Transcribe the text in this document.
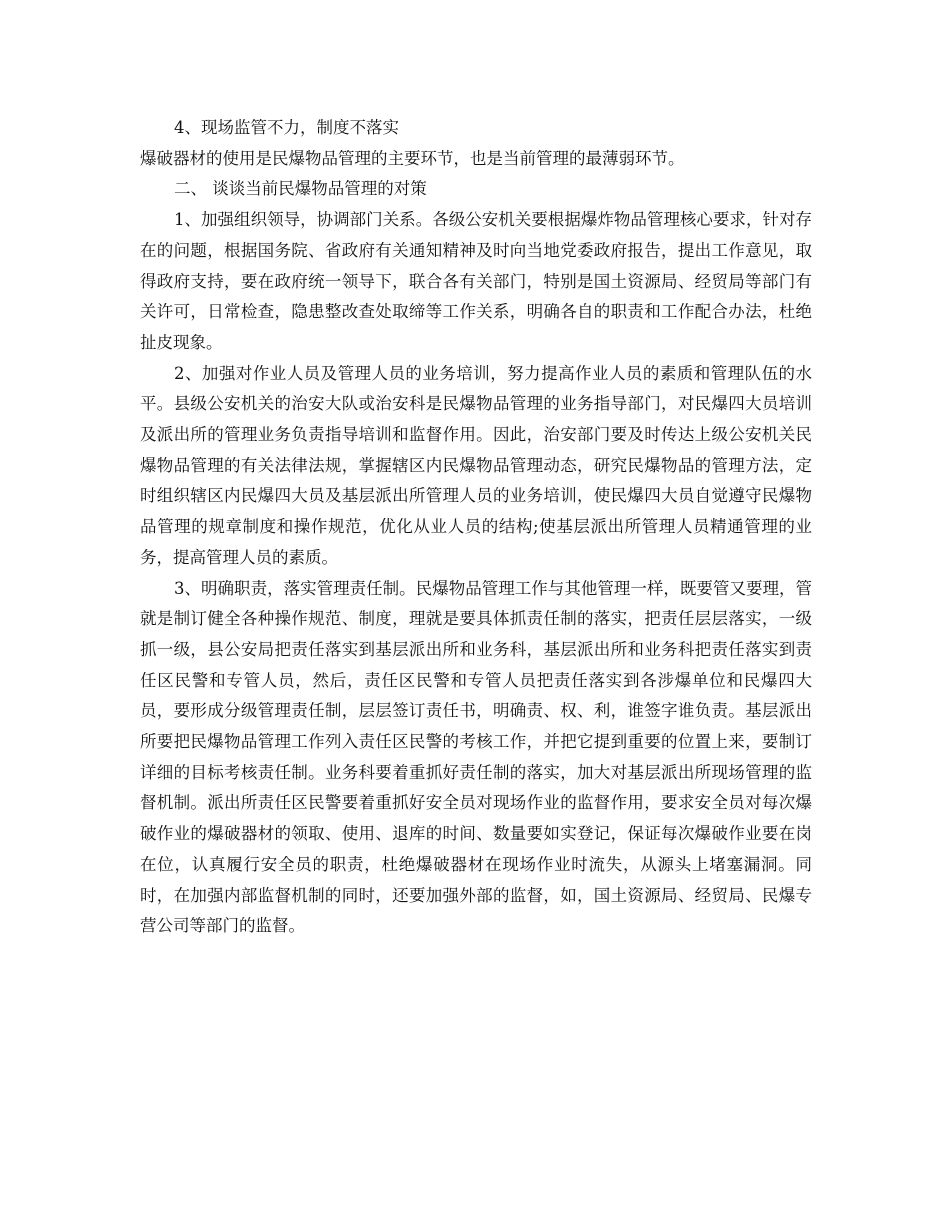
4、现场监管不力，制度不落实

爆破器材的使用是民爆物品管理的主要环节，也是当前管理的最薄弱环节。

二、 谈谈当前民爆物品管理的对策

1、加强组织领导，协调部门关系。各级公安机关要根据爆炸物品管理核心要求，针对存在的问题，根据国务院、省政府有关通知精神及时向当地党委政府报告，提出工作意见，取得政府支持，要在政府统一领导下，联合各有关部门，特别是国土资源局、经贸局等部门有关许可，日常检查，隐患整改查处取缔等工作关系，明确各自的职责和工作配合办法，杜绝扯皮现象。

2、加强对作业人员及管理人员的业务培训，努力提高作业人员的素质和管理队伍的水平。县级公安机关的治安大队或治安科是民爆物品管理的业务指导部门，对民爆四大员培训及派出所的管理业务负责指导培训和监督作用。因此，治安部门要及时传达上级公安机关民爆物品管理的有关法律法规，掌握辖区内民爆物品管理动态，研究民爆物品的管理方法，定时组织辖区内民爆四大员及基层派出所管理人员的业务培训，使民爆四大员自觉遵守民爆物品管理的规章制度和操作规范，优化从业人员的结构;使基层派出所管理人员精通管理的业务，提高管理人员的素质。

3、明确职责，落实管理责任制。民爆物品管理工作与其他管理一样，既要管又要理，管就是制订健全各种操作规范、制度，理就是要具体抓责任制的落实，把责任层层落实，一级抓一级，县公安局把责任落实到基层派出所和业务科，基层派出所和业务科把责任落实到责任区民警和专管人员，然后，责任区民警和专管人员把责任落实到各涉爆单位和民爆四大员，要形成分级管理责任制，层层签订责任书，明确责、权、利，谁签字谁负责。基层派出所要把民爆物品管理工作列入责任区民警的考核工作，并把它提到重要的位置上来，要制订详细的目标考核责任制。业务科要着重抓好责任制的落实，加大对基层派出所现场管理的监督机制。派出所责任区民警要着重抓好安全员对现场作业的监督作用，要求安全员对每次爆破作业的爆破器材的领取、使用、退库的时间、数量要如实登记，保证每次爆破作业要在岗在位，认真履行安全员的职责，杜绝爆破器材在现场作业时流失，从源头上堵塞漏洞。同时，在加强内部监督机制的同时，还要加强外部的监督，如，国土资源局、经贸局、民爆专营公司等部门的监督。
